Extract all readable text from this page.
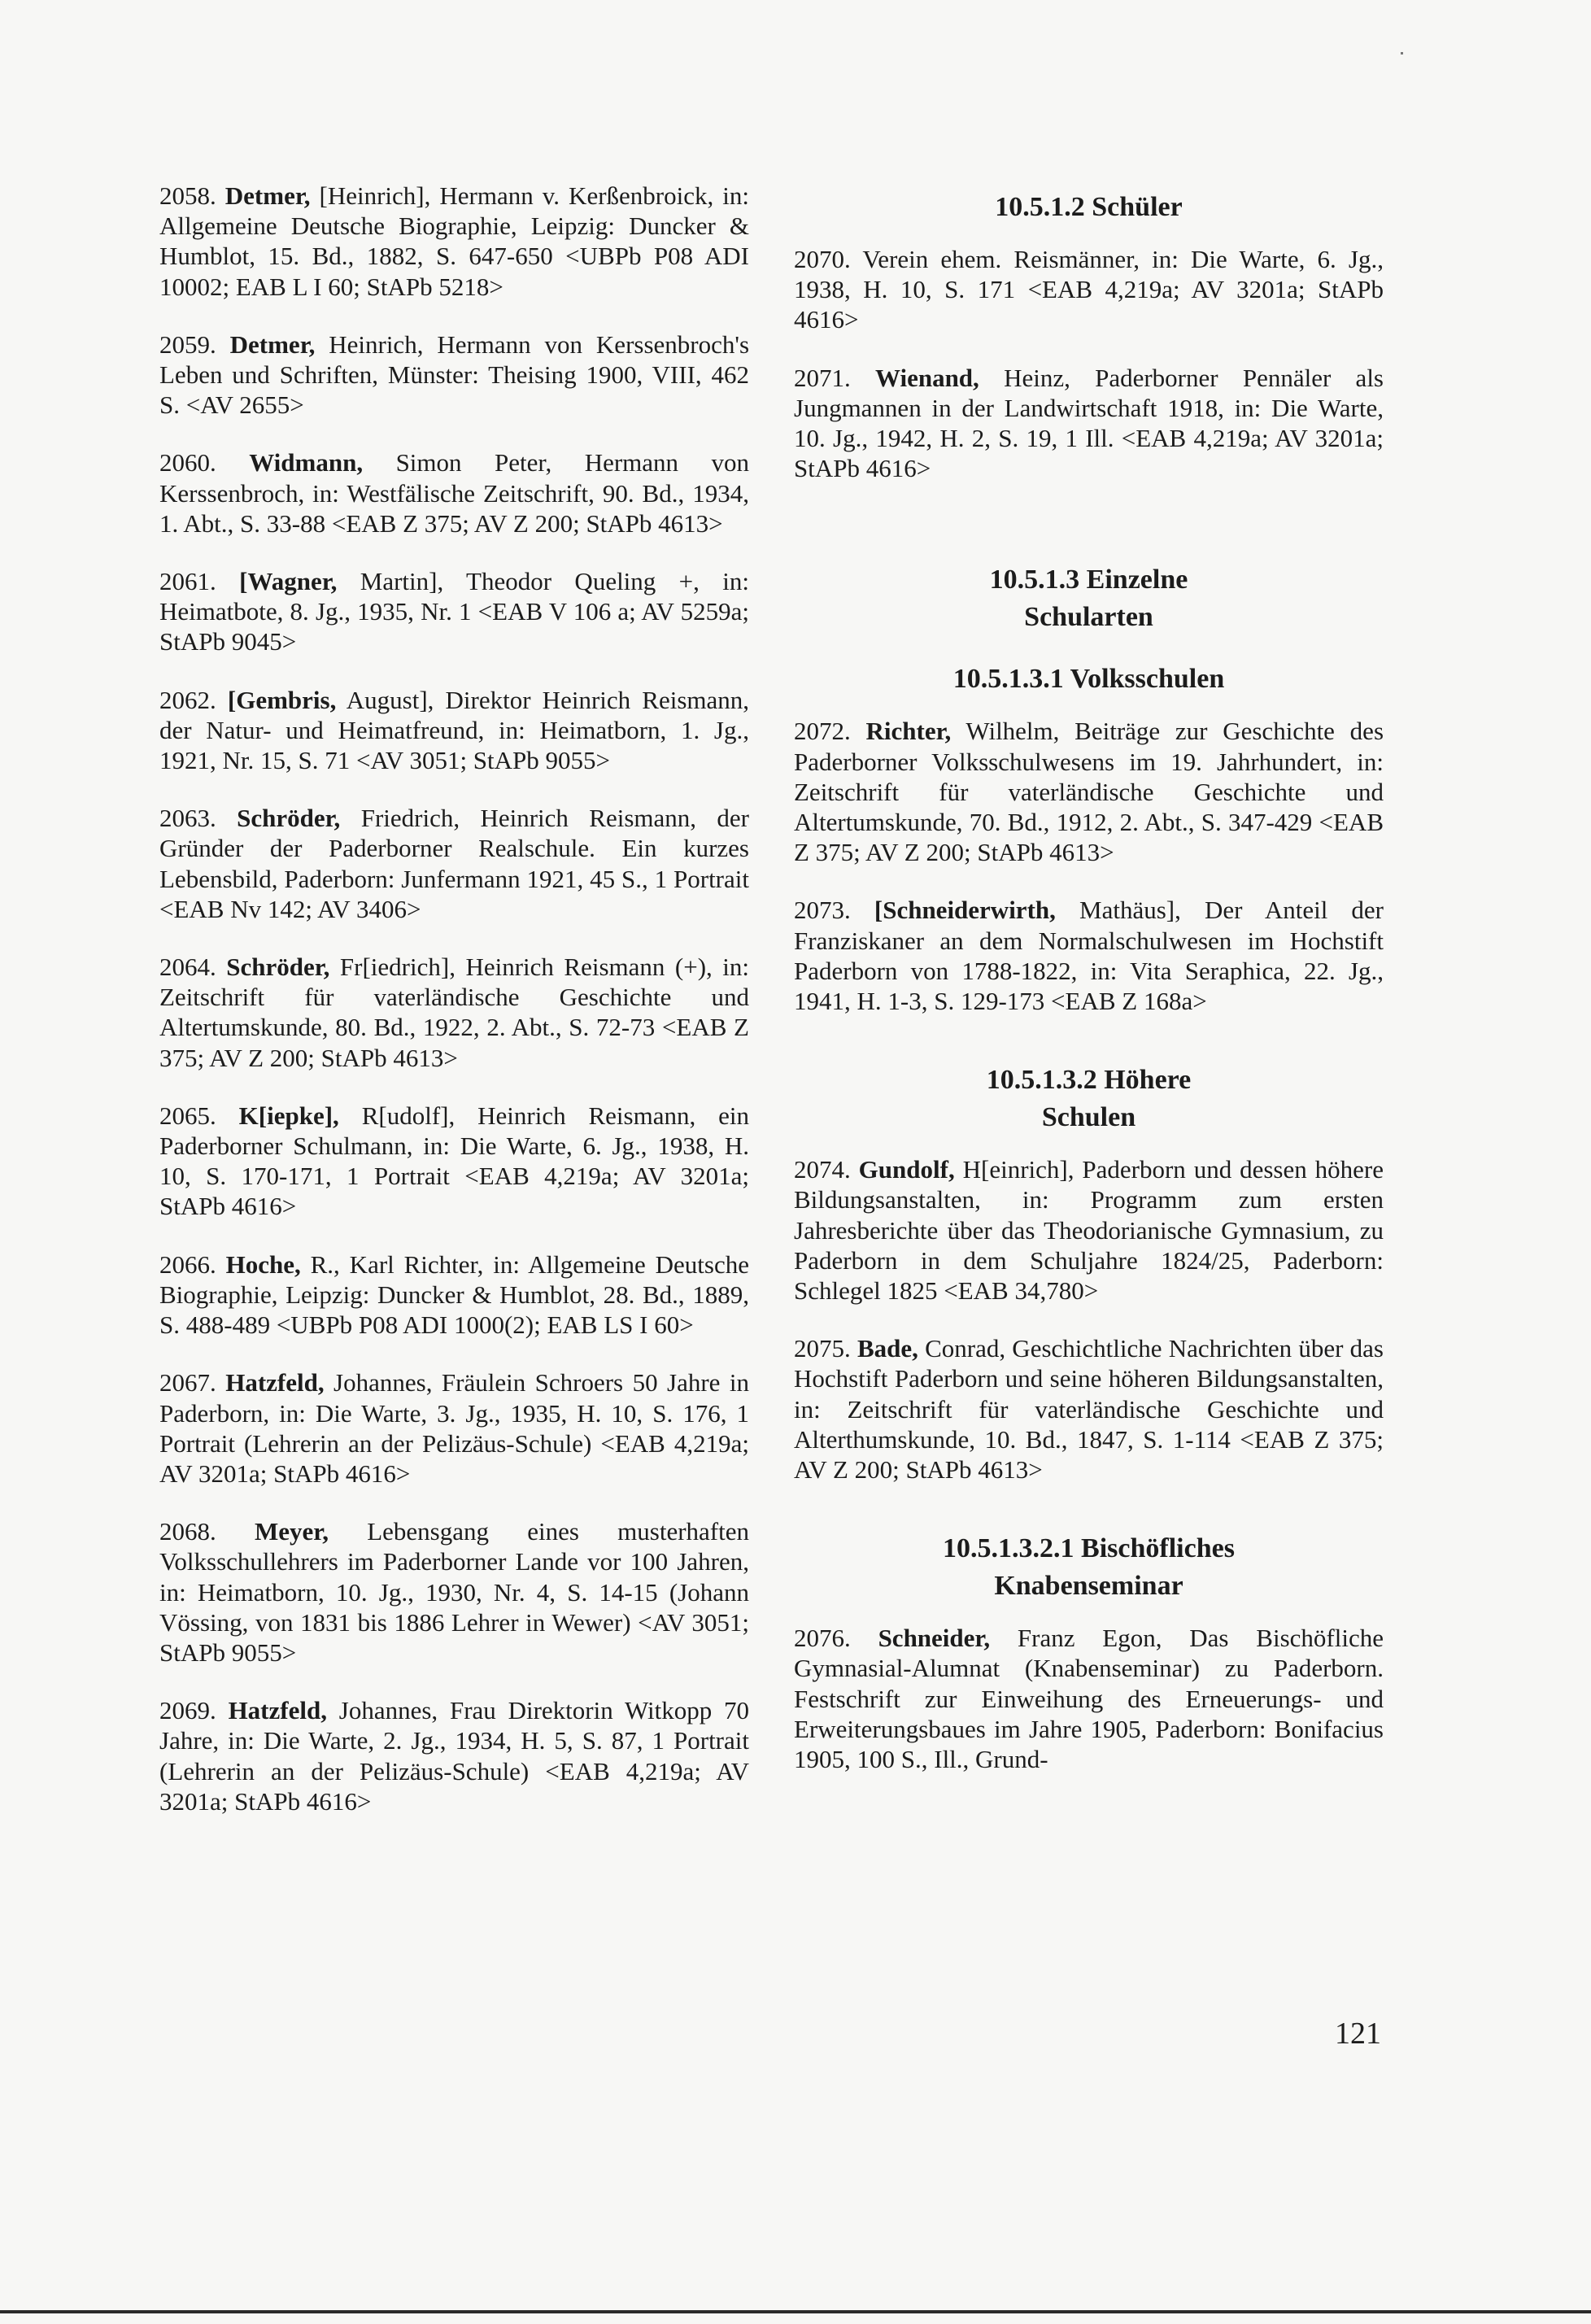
2058. Detmer, [Heinrich], Hermann v. Kerßenbroick, in: Allgemeine Deutsche Biographie, Leipzig: Duncker & Humblot, 15. Bd., 1882, S. 647-650 <UBPb P08 ADI 10002; EAB L I 60; StAPb 5218>

2059. Detmer, Heinrich, Hermann von Kerssenbroch's Leben und Schriften, Münster: Theising 1900, VIII, 462 S. <AV 2655>

2060. Widmann, Simon Peter, Hermann von Kerssenbroch, in: Westfälische Zeitschrift, 90. Bd., 1934, 1. Abt., S. 33-88 <EAB Z 375; AV Z 200; StAPb 4613>

2061. [Wagner, Martin], Theodor Queling +, in: Heimatbote, 8. Jg., 1935, Nr. 1 <EAB V 106 a; AV 5259a; StAPb 9045>

2062. [Gembris, August], Direktor Heinrich Reismann, der Natur- und Heimatfreund, in: Heimatborn, 1. Jg., 1921, Nr. 15, S. 71 <AV 3051; StAPb 9055>

2063. Schröder, Friedrich, Heinrich Reismann, der Gründer der Paderborner Realschule. Ein kurzes Lebensbild, Paderborn: Junfermann 1921, 45 S., 1 Portrait <EAB Nv 142; AV 3406>

2064. Schröder, Fr[iedrich], Heinrich Reismann (+), in: Zeitschrift für vaterländische Geschichte und Altertumskunde, 80. Bd., 1922, 2. Abt., S. 72-73 <EAB Z 375; AV Z 200; StAPb 4613>

2065. K[iepke], R[udolf], Heinrich Reismann, ein Paderborner Schulmann, in: Die Warte, 6. Jg., 1938, H. 10, S. 170-171, 1 Portrait <EAB 4,219a; AV 3201a; StAPb 4616>

2066. Hoche, R., Karl Richter, in: Allgemeine Deutsche Biographie, Leipzig: Duncker & Humblot, 28. Bd., 1889, S. 488-489 <UBPb P08 ADI 1000(2); EAB LS I 60>

2067. Hatzfeld, Johannes, Fräulein Schroers 50 Jahre in Paderborn, in: Die Warte, 3. Jg., 1935, H. 10, S. 176, 1 Portrait (Lehrerin an der Pelizäus-Schule) <EAB 4,219a; AV 3201a; StAPb 4616>

2068. Meyer, Lebensgang eines musterhaften Volksschullehrers im Paderborner Lande vor 100 Jahren, in: Heimatborn, 10. Jg., 1930, Nr. 4, S. 14-15 (Johann Vössing, von 1831 bis 1886 Lehrer in Wewer) <AV 3051; StAPb 9055>

2069. Hatzfeld, Johannes, Frau Direktorin Witkopp 70 Jahre, in: Die Warte, 2. Jg., 1934, H. 5, S. 87, 1 Portrait (Lehrerin an der Pelizäus-Schule) <EAB 4,219a; AV 3201a; StAPb 4616>

10.5.1.2 Schüler

2070. Verein ehem. Reismänner, in: Die Warte, 6. Jg., 1938, H. 10, S. 171 <EAB 4,219a; AV 3201a; StAPb 4616>

2071. Wienand, Heinz, Paderborner Pennäler als Jungmannen in der Landwirtschaft 1918, in: Die Warte, 10. Jg., 1942, H. 2, S. 19, 1 Ill. <EAB 4,219a; AV 3201a; StAPb 4616>

10.5.1.3 Einzelne
Schularten
10.5.1.3.1 Volksschulen

2072. Richter, Wilhelm, Beiträge zur Geschichte des Paderborner Volksschulwesens im 19. Jahrhundert, in: Zeitschrift für vaterländische Geschichte und Altertumskunde, 70. Bd., 1912, 2. Abt., S. 347-429 <EAB Z 375; AV Z 200; StAPb 4613>

2073. [Schneiderwirth, Mathäus], Der Anteil der Franziskaner an dem Normalschulwesen im Hochstift Paderborn von 1788-1822, in: Vita Seraphica, 22. Jg., 1941, H. 1-3, S. 129-173 <EAB Z 168a>

10.5.1.3.2 Höhere
Schulen

2074. Gundolf, H[einrich], Paderborn und dessen höhere Bildungsanstalten, in: Programm zum ersten Jahresberichte über das Theodorianische Gymnasium, zu Paderborn in dem Schuljahre 1824/25, Paderborn: Schlegel 1825 <EAB 34,780>

2075. Bade, Conrad, Geschichtliche Nachrichten über das Hochstift Paderborn und seine höheren Bildungsanstalten, in: Zeitschrift für vaterländische Geschichte und Alterthumskunde, 10. Bd., 1847, S. 1-114 <EAB Z 375; AV Z 200; StAPb 4613>

10.5.1.3.2.1 Bischöfliches
Knabenseminar

2076. Schneider, Franz Egon, Das Bischöfliche Gymnasial-Alumnat (Knabenseminar) zu Paderborn. Festschrift zur Einweihung des Erneuerungs- und Erweiterungsbaues im Jahre 1905, Paderborn: Bonifacius 1905, 100 S., Ill., Grund-

121
